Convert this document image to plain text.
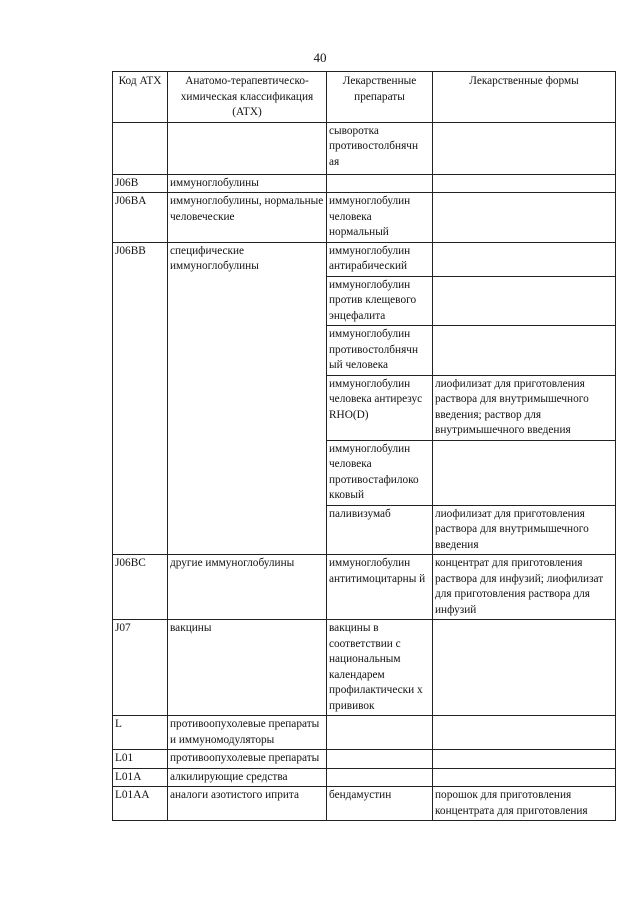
40
Код ATX	Анатомо-терапевтическо-химическая классификация (ATX)	Лекарственные препараты	Лекарственные формы
		сыворотка противостолбнячн ая	
J06B	иммуноглобулины		
J06BA	иммуноглобулины, нормальные человеческие	иммуноглобулин человека нормальный	
J06BB	специфические иммуноглобулины	иммуноглобулин антирабический	
		иммуноглобулин против клещевого энцефалита	
		иммуноглобулин противостолбнячн ый человека	
		иммуноглобулин человека антирезус RHO(D)	лиофилизат для приготовления раствора для внутримышечного введения; раствор для внутримышечного введения
		иммуноглобулин человека противостафилоко кковый	
		паливизумаб	лиофилизат для приготовления раствора для внутримышечного введения
J06BC	другие иммуноглобулины	иммуноглобулин антитимоцитарны й	концентрат для приготовления раствора для инфузий; лиофилизат для приготовления раствора для инфузий
J07	вакцины	вакцины в соответствии с национальным календарем профилактически х прививок	
L	противоопухолевые препараты и иммуномодуляторы		
L01	противоопухолевые препараты		
L01A	алкилирующие средства		
L01AA	аналоги азотистого иприта	бендамустин	порошок для приготовления концентрата для приготовления
